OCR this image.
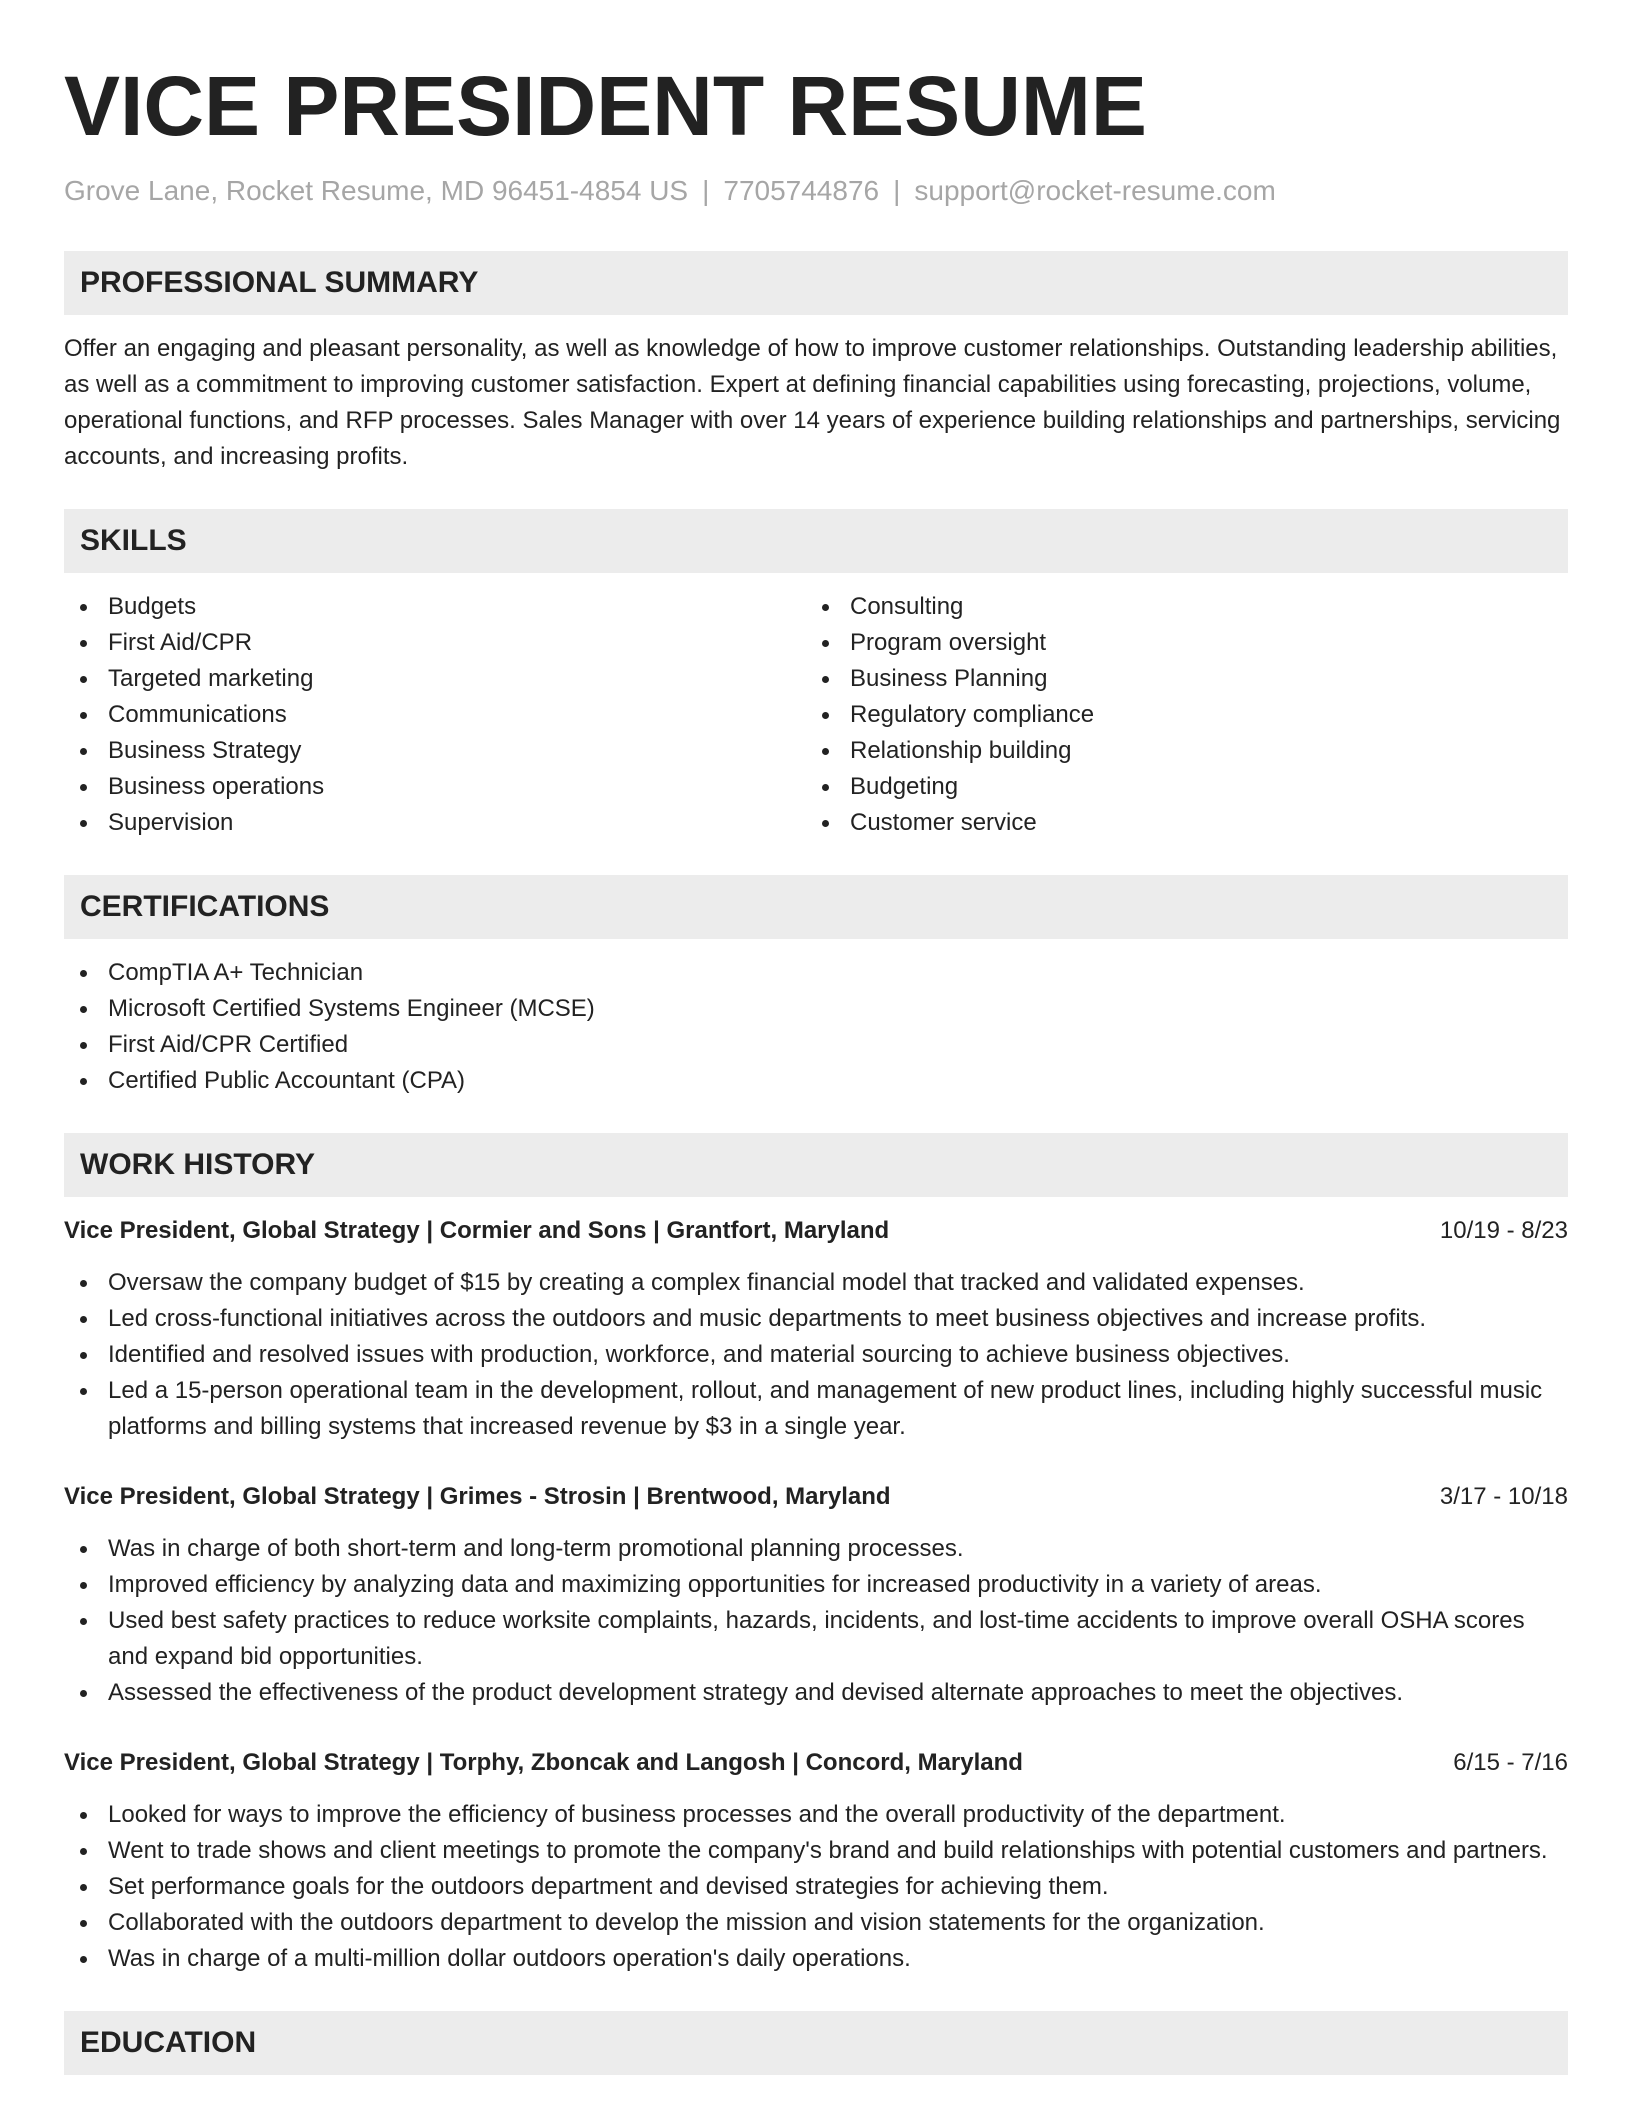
VICE PRESIDENT RESUME
Grove Lane, Rocket Resume, MD 96451-4854 US | 7705744876 | support@rocket-resume.com
PROFESSIONAL SUMMARY

Offer an engaging and pleasant personality, as well as knowledge of how to improve customer relationships. Outstanding leadership abilities, as well as a commitment to improving customer satisfaction. Expert at defining financial capabilities using forecasting, projections, volume, operational functions, and RFP processes. Sales Manager with over 14 years of experience building relationships and partnerships, servicing accounts, and increasing profits.

SKILLS
Budgets
First Aid/CPR
Targeted marketing
Communications
Business Strategy
Business operations
Supervision
Consulting
Program oversight
Business Planning
Regulatory compliance
Relationship building
Budgeting
Customer service
CERTIFICATIONS
CompTIA A+ Technician
Microsoft Certified Systems Engineer (MCSE)
First Aid/CPR Certified
Certified Public Accountant (CPA)
WORK HISTORY
Vice President, Global Strategy | Cormier and Sons | Grantfort, Maryland	10/19 - 8/23
Oversaw the company budget of $15 by creating a complex financial model that tracked and validated expenses.
Led cross-functional initiatives across the outdoors and music departments to meet business objectives and increase profits.
Identified and resolved issues with production, workforce, and material sourcing to achieve business objectives.
Led a 15-person operational team in the development, rollout, and management of new product lines, including highly successful music platforms and billing systems that increased revenue by $3 in a single year.
Vice President, Global Strategy | Grimes - Strosin | Brentwood, Maryland	3/17 - 10/18
Was in charge of both short-term and long-term promotional planning processes.
Improved efficiency by analyzing data and maximizing opportunities for increased productivity in a variety of areas.
Used best safety practices to reduce worksite complaints, hazards, incidents, and lost-time accidents to improve overall OSHA scores and expand bid opportunities.
Assessed the effectiveness of the product development strategy and devised alternate approaches to meet the objectives.
Vice President, Global Strategy | Torphy, Zboncak and Langosh | Concord, Maryland	6/15 - 7/16
Looked for ways to improve the efficiency of business processes and the overall productivity of the department.
Went to trade shows and client meetings to promote the company's brand and build relationships with potential customers and partners.
Set performance goals for the outdoors department and devised strategies for achieving them.
Collaborated with the outdoors department to develop the mission and vision statements for the organization.
Was in charge of a multi-million dollar outdoors operation's daily operations.
EDUCATION
